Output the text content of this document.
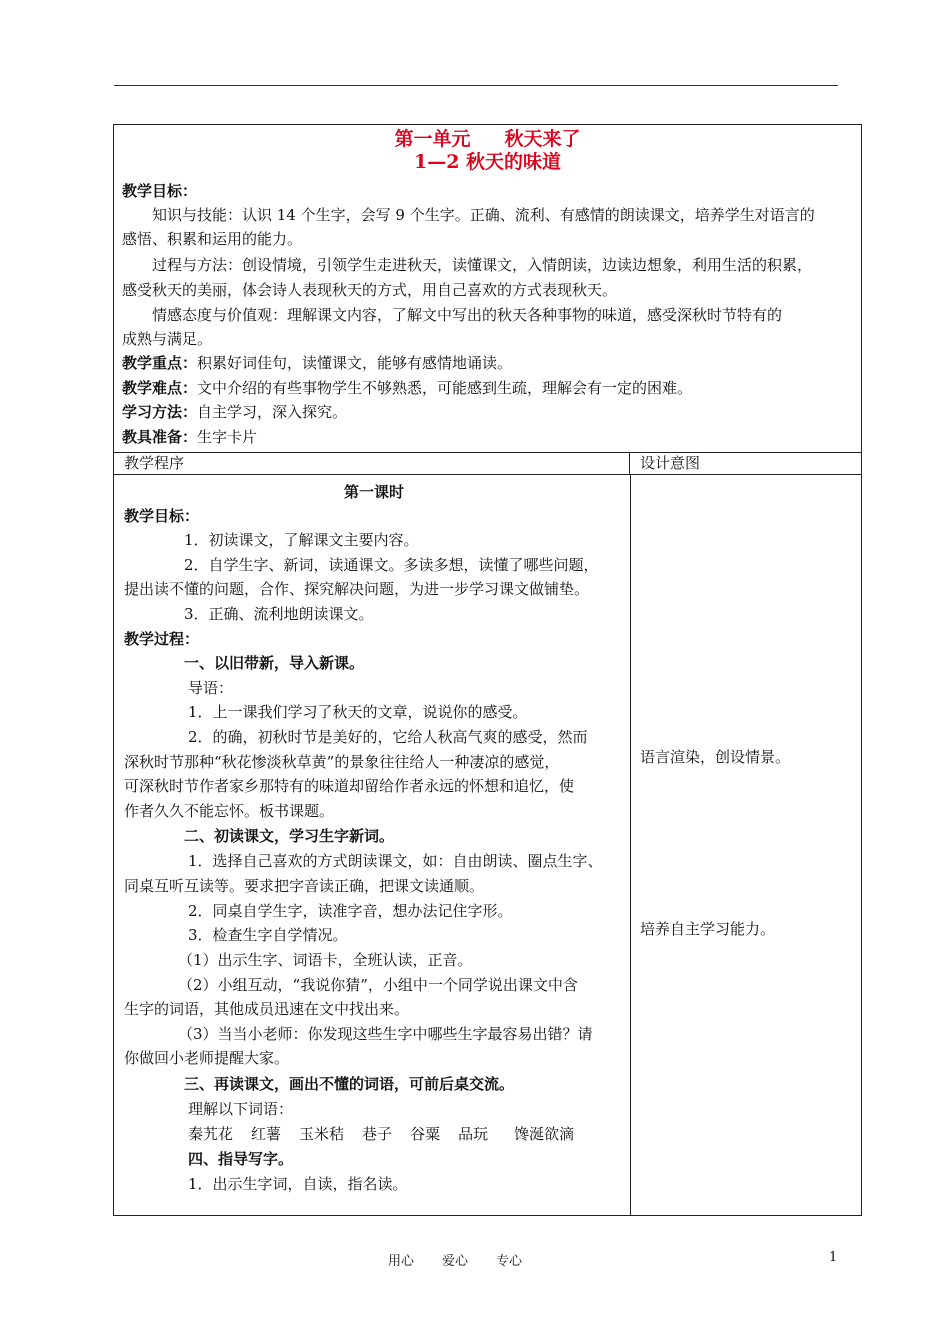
第一单元 秋天来了
1—2 秋天的味道
教学目标：
知识与技能：认识 14 个生字，会写 9 个生字。正确、流利、有感情的朗读课文，培养学生对语言的
感悟、积累和运用的能力。
过程与方法：创设情境，引领学生走进秋天，读懂课文，入情朗读，边读边想象，利用生活的积累，
感受秋天的美丽，体会诗人表现秋天的方式，用自己喜欢的方式表现秋天。
情感态度与价值观：理解课文内容，了解文中写出的秋天各种事物的味道，感受深秋时节特有的
成熟与满足。
教学重点：积累好词佳句，读懂课文，能够有感情地诵读。
教学难点：文中介绍的有些事物学生不够熟悉，可能感到生疏，理解会有一定的困难。
学习方法：自主学习，深入探究。
教具准备：生字卡片
教学程序	设计意图
第一课时
教学目标：
1．初读课文，了解课文主要内容。
2．自学生字、新词，读通课文。多读多想，读懂了哪些问题，
提出读不懂的问题，合作、探究解决问题，为进一步学习课文做铺垫。
3．正确、流利地朗读课文。
教学过程：
一、以旧带新，导入新课。
导语：
1．上一课我们学习了秋天的文章，说说你的感受。
2．的确，初秋时节是美好的，它给人秋高气爽的感受，然而
深秋时节那种“秋花惨淡秋草黄”的景象往往给人一种凄凉的感觉，
可深秋时节作者家乡那特有的味道却留给作者永远的怀想和追忆，使
作者久久不能忘怀。板书课题。
二、初读课文，学习生字新词。
1．选择自己喜欢的方式朗读课文，如：自由朗读、圈点生字、
同桌互听互读等。要求把字音读正确，把课文读通顺。
2．同桌自学生字，读准字音，想办法记住字形。
3．检查生字自学情况。
（1）出示生字、词语卡，全班认读，正音。
（2）小组互动，“我说你猜”，小组中一个同学说出课文中含
生字的词语，其他成员迅速在文中找出来。
（3）当当小老师：你发现这些生字中哪些生字最容易出错？请
你做回小老师提醒大家。
三、再读课文，画出不懂的词语，可前后桌交流。
理解以下词语：
秦艽花 红薯 玉米秸 巷子 谷粟 品玩 馋涎欲滴
四、指导写字。
1．出示生字词，自读，指名读。
语言渲染，创设情景。
培养自主学习能力。
用心 爱心 专心	1
